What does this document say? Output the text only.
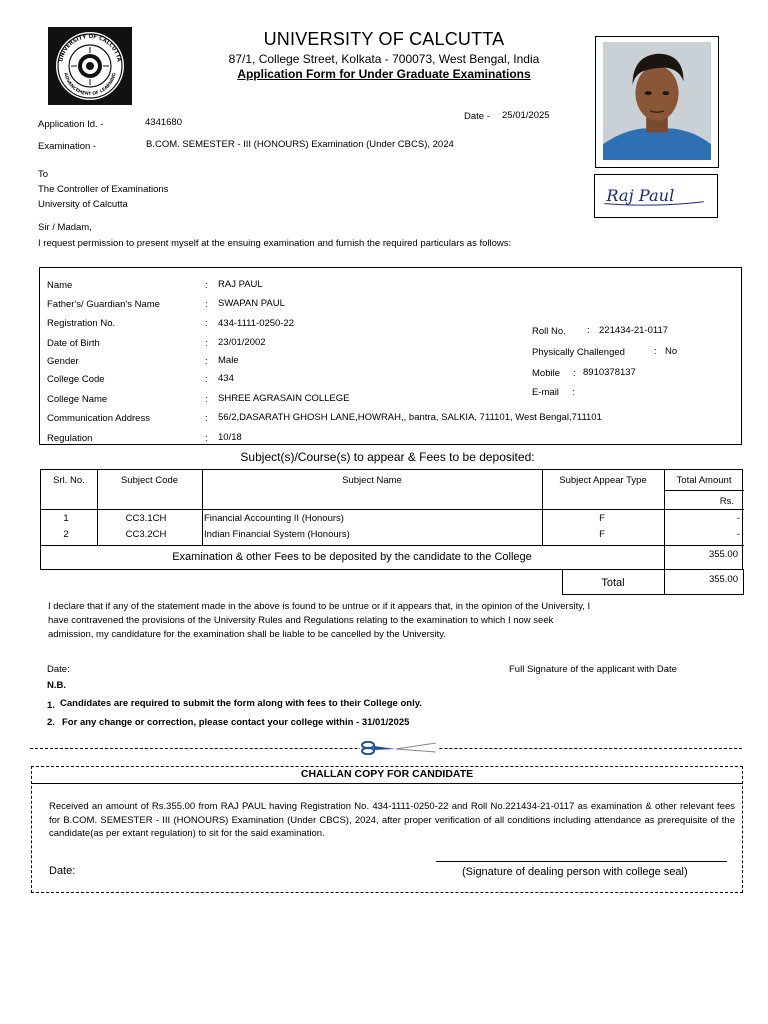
UNIVERSITY OF CALCUTTA
ADVANCEMENT OF LEARNING
UNIVERSITY OF CALCUTTA
87/1, College Street, Kolkata - 700073, West Bengal, India
Application Form for Under Graduate Examinations
Raj Paul
Application Id. -	4341680
Date - 25/01/2025
Examination -	B.COM. SEMESTER - III (HONOURS) Examination (Under CBCS), 2024
To
The Controller of Examinations
University of Calcutta
Sir / Madam,
I request permission to present myself at the ensuing examination and furnish the required particulars as follows:
Name	: RAJ PAUL
Father's/ Guardian's Name	: SWAPAN PAUL
Registration No.	: 434-1111-0250-22
Date of Birth	: 23/01/2002
Gender	: Male
College Code	: 434
College Name	: SHREE AGRASAIN COLLEGE
Communication Address	: 56/2,DASARATH GHOSH LANE,HOWRAH,, bantra, SALKIA, 711101, West Bengal,711101
Regulation	: 10/18
Roll No. : 221434-21-0117
Physically Challenged	: No
Mobile : 8910378137
E-mail :
Subject(s)/Course(s) to appear & Fees to be deposited:
Srl. No.	Subject Code	Subject Name	Subject Appear Type	Total Amount
Rs.
1	CC3.1CH	Financial Accounting II (Honours)	F	-
2	CC3.2CH	Indian Financial System (Honours)	F	-
Examination & other Fees to be deposited by the candidate to the College	355.00
Total	355.00
I declare that if any of the statement made in the above is found to be untrue or if it appears that, in the opinion of the University, I
have contravened the provisions of the University Rules and Regulations relating to the examination to which I now seek
admission, my candidature for the examination shall be liable to be cancelled by the University.
Date:	Full Signature of the applicant with Date
N.B.
1. Candidates are required to submit the form along with fees to their College only.
2. For any change or correction, please contact your college within - 31/01/2025
CHALLAN COPY FOR CANDIDATE
Received an amount of Rs.355.00 from RAJ PAUL having Registration No. 434-1111-0250-22 and Roll No.221434-21-0117 as examination & other relevant fees for B.COM. SEMESTER - III (HONOURS) Examination (Under CBCS), 2024, after proper verification of all conditions including attendance as prerequisite of the candidate(as per extant regulation) to sit for the said examination.
Date:	(Signature of dealing person with college seal)
